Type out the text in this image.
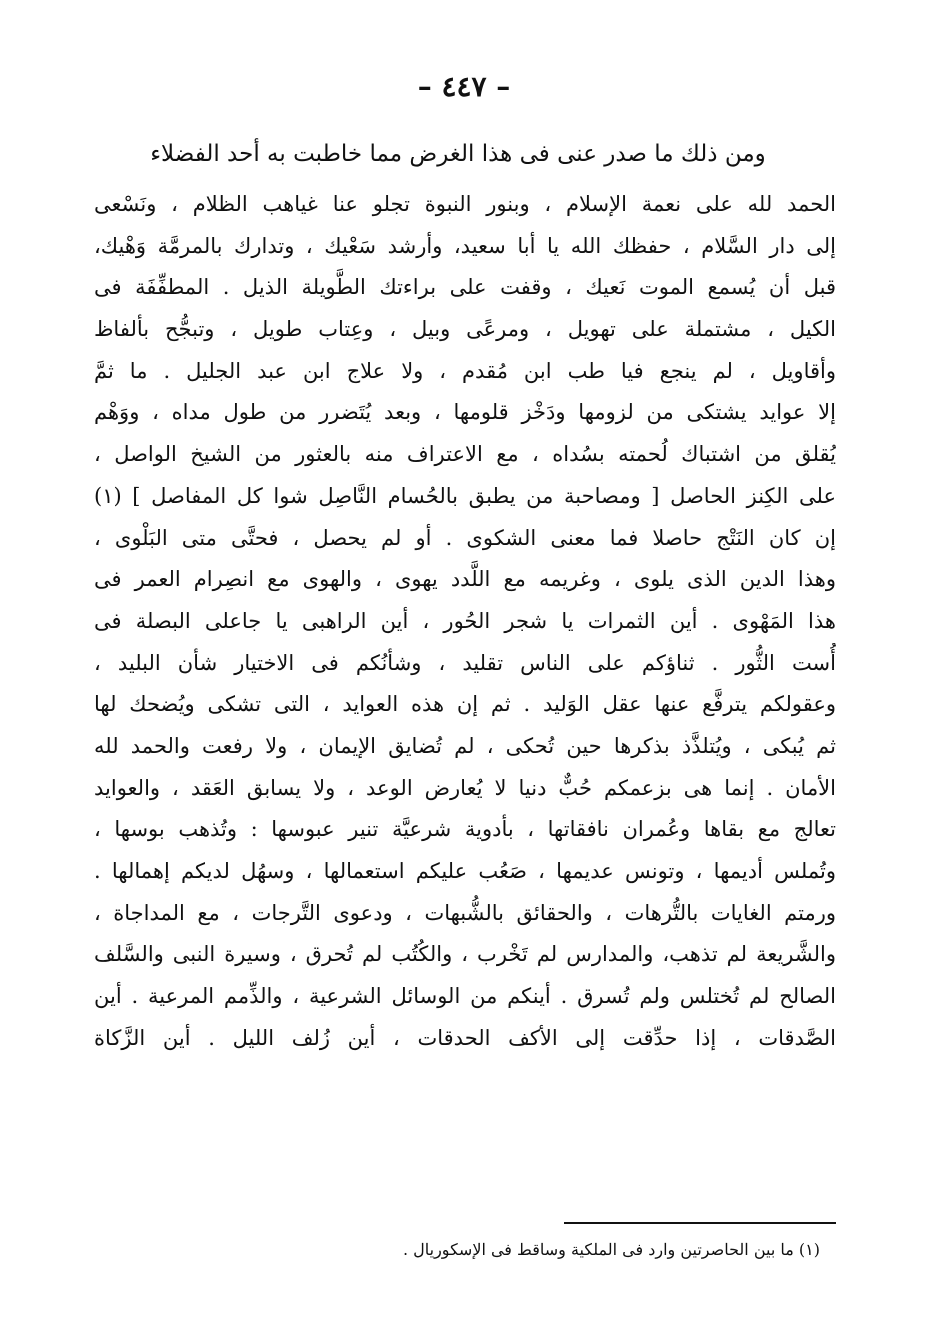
– ٤٤٧ –
ومن ذلك ما صدر عنى فى هذا الغرض مما خاطبت به أحد الفضلاء
الحمد لله على نعمة الإسلام ، وبنور النبوة تجلو عنا غياهب الظلام ، ونَسْعى
إلى دار السَّلام ، حفظك الله يا أبا سعيد، وأرشد سَعْيك ، وتدارك بالمرمَّة وَهْيك،
قبل أن يُسمع الموت نَعيك ، وقفت على براءتك الطَّويلة الذيل . المطفِّفَة فى
الكيل ، مشتملة على تهويل ، ومرعًى وبيل ، وعِتاب طويل ، وتبجُّح بألفاظ
وأقاويل ، لم ينجع فيا طب ابن مُقدم ، ولا علاج ابن عبد الجليل . ما ثمَّ
إلا عوايد يشتكى من لزومها ودَخْز قلومها ، وبعد يُتَضرر من طول مداه ، ووَهْم
يُقلق من اشتباك لُحمته بسُداه ، مع الاعتراف منه بالعثور من الشيخ الواصل ،
على الكِنز الحاصل [ ومصاحبة من يطبق بالحُسام النَّاصِل شوا كل المفاصل ] (١)
إن كان النَتْج حاصلا فما معنى الشكوى . أو لم يحصل ، فحتَّى متى البَلْوى ،
وهذا الدين الذى يلوى ، وغريمه مع اللَّدد يهوى ، والهوى مع انصِرام العمر فى
هذا المَهْوى . أين الثمرات يا شجر الحُور ، أين الراهبى يا جاعلى البصلة فى
أُست الثُّور . ثناؤكم على الناس تقليد ، وشأنُكم فى الاختيار شأن البليد ،
وعقولكم يترفَّع عنها عقل الوَليد . ثم إن هذه العوايد ، التى تشكى ويُضحك لها
ثم يُبكى ، ويُتلذَّذ بذكرها حين تُحكى ، لم تُضايق الإيمان ، ولا رفعت والحمد لله
الأمان . إنما هى بزعمكم حُبٌّ دنيا لا يُعارض الوعد ، ولا يسابق العَقد ، والعوايد
تعالج مع بقاها وعُمران نافقاتها ، بأدوية شرعيَّة تنير عبوسها : وتُذهب بوسها ،
وتُملس أديمها ، وتونس عديمها ، صَعُب عليكم استعمالها ، وسهُل لديكم إهمالها .
ورمتم الغايات بالتُّرهات ، والحقائق بالشُّبهات ، ودعوى التَّرجات ، مع المداجاة ،
والشَّريعة لم تذهب، والمدارس لم تَخْرب ، والكُتُب لم تُحرق ، وسيرة النبى والسَّلف
الصالح لم تُختلس ولم تُسرق . أينكم من الوسائل الشرعية ، والذِّمم المرعية . أين
الصَّدقات ، إذا حدِّقت إلى الأكف الحدقات ، أين زُلف الليل . أين الزَّكاة
(١) ما بين الحاصرتين وارد فى الملكية وساقط فى الإسكوريال .
